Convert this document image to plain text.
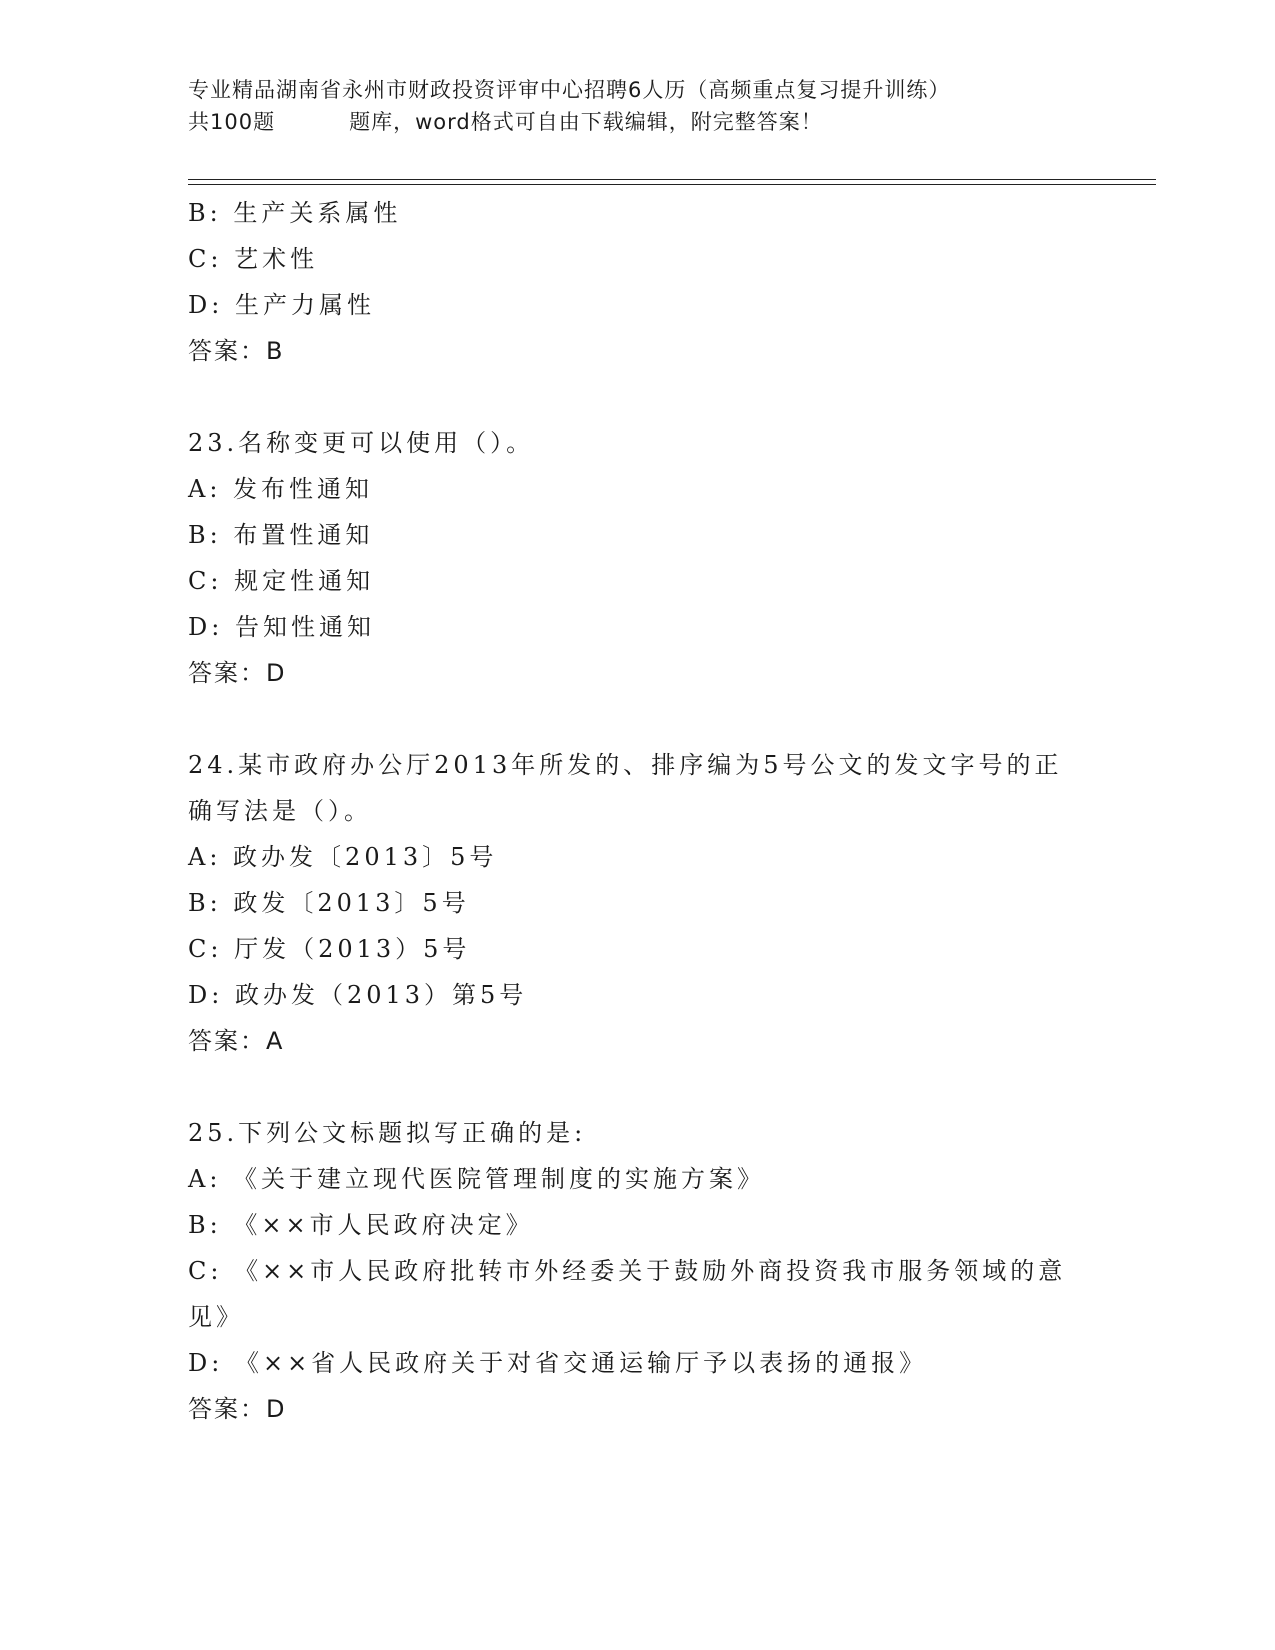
专业精品湖南省永州市财政投资评审中心招聘6人历（高频重点复习提升训练）
共100题	题库，word格式可自由下载编辑，附完整答案！
B: 生产关系属性
C: 艺术性
D: 生产力属性
答案：B
23.名称变更可以使用（）。
A: 发布性通知
B: 布置性通知
C: 规定性通知
D: 告知性通知
答案：D
24.某市政府办公厅2013年所发的、排序编为5号公文的发文字号的正确写法是（）。
A: 政办发〔2013〕5号
B: 政发〔2013〕5号
C: 厅发（2013）5号
D: 政办发（2013）第5号
答案：A
25.下列公文标题拟写正确的是:
A: 《关于建立现代医院管理制度的实施方案》
B: 《××市人民政府决定》
C: 《××市人民政府批转市外经委关于鼓励外商投资我市服务领域的意见》
D: 《××省人民政府关于对省交通运输厅予以表扬的通报》
答案：D
